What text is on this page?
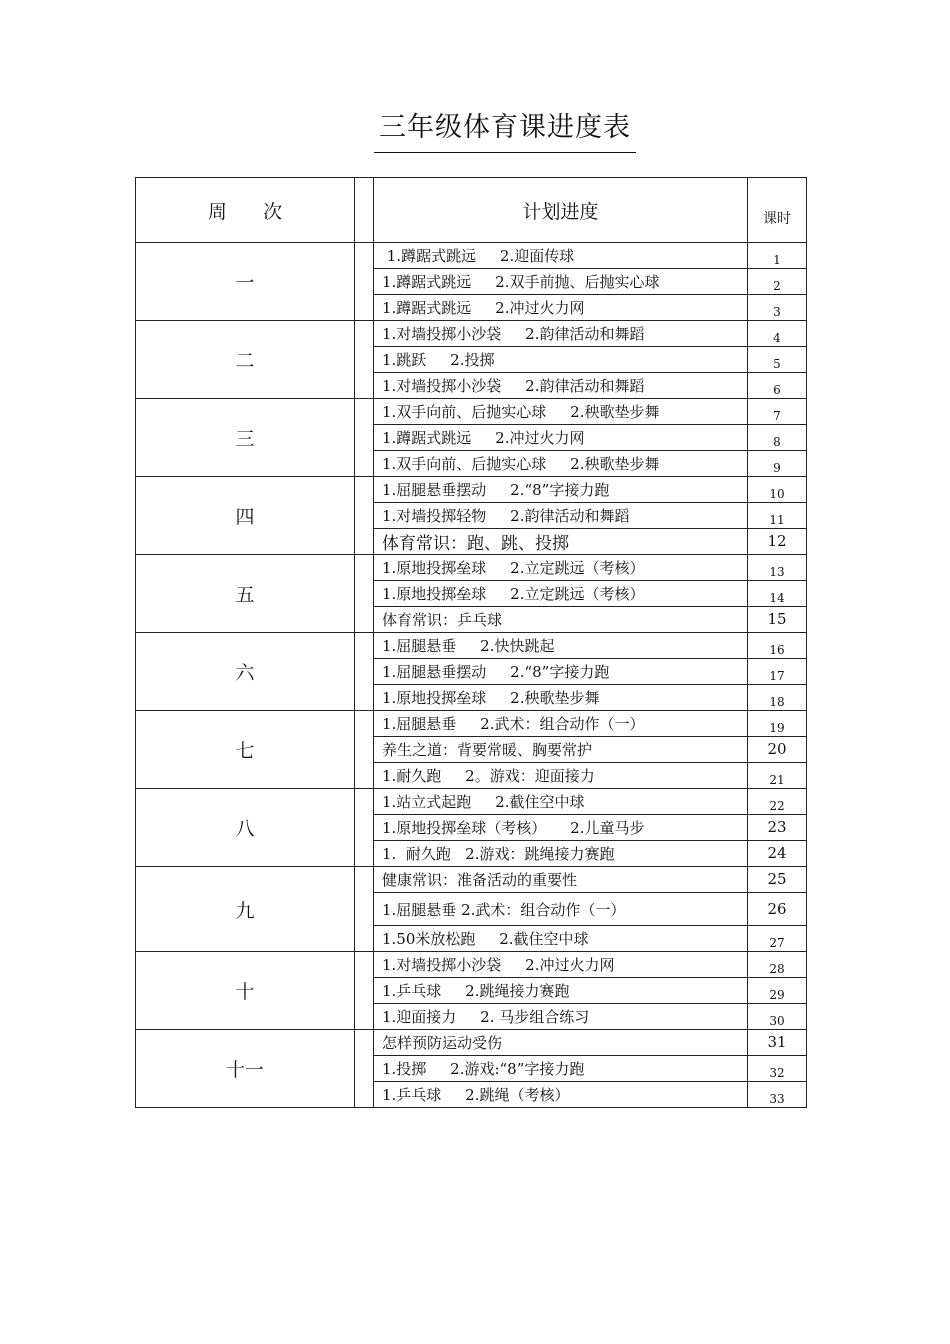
三年级体育课进度表
周      次		计划进度	课时
一		1.蹲踞式跳远     2.迎面传球	1
		1.蹲踞式跳远     2.双手前抛、后抛实心球	2
		1.蹲踞式跳远     2.冲过火力网	3
二		1.对墙投掷小沙袋     2.韵律活动和舞蹈	4
		1.跳跃     2.投掷	5
		1.对墙投掷小沙袋     2.韵律活动和舞蹈	6
三		1.双手向前、后抛实心球     2.秧歌垫步舞	7
		1.蹲踞式跳远     2.冲过火力网	8
		1.双手向前、后抛实心球     2.秧歌垫步舞	9
四		1.屈腿悬垂摆动     2.“8”字接力跑	10
		1.对墙投掷轻物     2.韵律活动和舞蹈	11
		体育常识：跑、跳、投掷	12
五		1.原地投掷垒球     2.立定跳远（考核）	13
		1.原地投掷垒球     2.立定跳远（考核）	14
		体育常识：乒乓球	15
六		1.屈腿悬垂     2.快快跳起	16
		1.屈腿悬垂摆动     2.“8”字接力跑	17
		1.原地投掷垒球     2.秧歌垫步舞	18
七		1.屈腿悬垂     2.武术：组合动作（一）	19
		养生之道：背要常暖、胸要常护	20
		1.耐久跑     2。游戏：迎面接力	21
八		1.站立式起跑     2.截住空中球	22
		1.原地投掷垒球（考核）     2.儿童马步	23
		1.  耐久跑   2.游戏：跳绳接力赛跑	24
九		健康常识：准备活动的重要性	25
		1.屈腿悬垂 2.武术：组合动作（一）	26
		1.50米放松跑     2.截住空中球	27
十		1.对墙投掷小沙袋     2.冲过火力网	28
		1.乒乓球     2.跳绳接力赛跑	29
		1.迎面接力     2. 马步组合练习	30
十一		怎样预防运动受伤	31
		1.投掷     2.游戏:“8”字接力跑	32
		1.乒乓球     2.跳绳（考核）	33
